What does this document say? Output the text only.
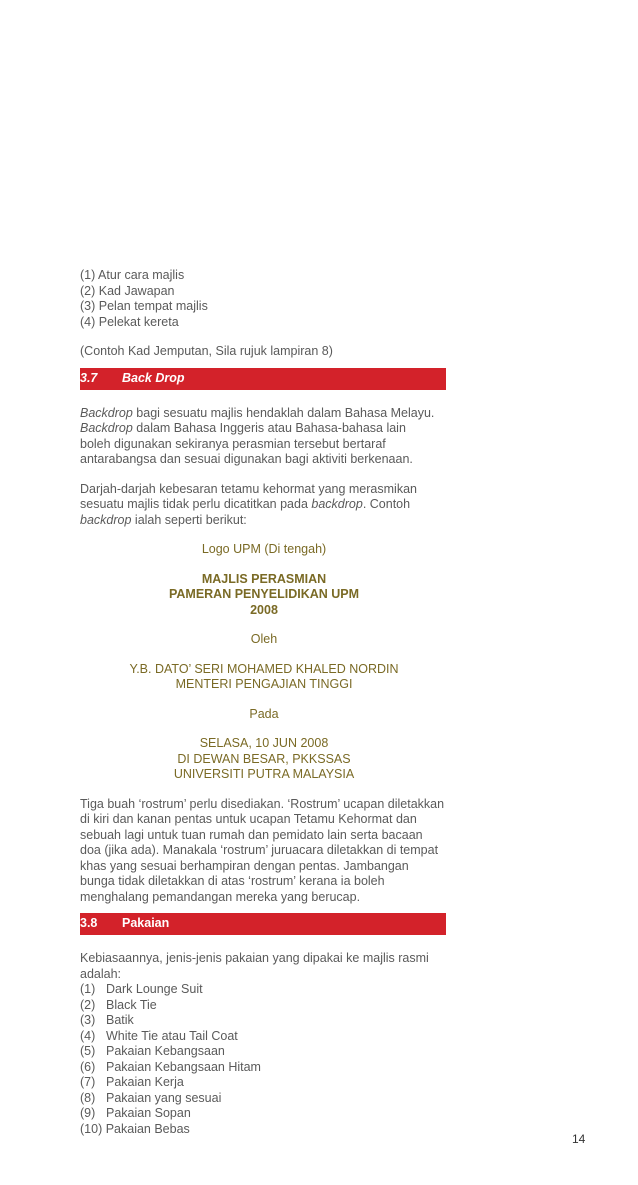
(1) Atur cara majlis
(2) Kad Jawapan
(3) Pelan tempat majlis
(4) Pelekat kereta
(Contoh Kad Jemputan, Sila rujuk lampiran 8)
3.7	Back Drop
Backdrop bagi sesuatu majlis hendaklah dalam Bahasa Melayu.
Backdrop dalam Bahasa Inggeris atau Bahasa-bahasa lain
boleh digunakan sekiranya perasmian tersebut bertaraf
antarabangsa dan sesuai digunakan bagi aktiviti berkenaan.
Darjah-darjah kebesaran tetamu kehormat yang merasmikan
sesuatu majlis tidak perlu dicatitkan pada backdrop. Contoh
backdrop ialah seperti berikut:
Logo UPM (Di tengah)
MAJLIS PERASMIAN
PAMERAN PENYELIDIKAN UPM
2008
Oleh
Y.B. DATO’ SERI MOHAMED KHALED NORDIN
MENTERI PENGAJIAN TINGGI
Pada
SELASA, 10 JUN 2008
DI DEWAN BESAR, PKKSSAS
UNIVERSITI PUTRA MALAYSIA
Tiga buah ‘rostrum’ perlu disediakan. ‘Rostrum’ ucapan diletakkan
di kiri dan kanan pentas untuk ucapan Tetamu Kehormat dan
sebuah lagi untuk tuan rumah dan pemidato lain serta bacaan
doa (jika ada). Manakala ‘rostrum’ juruacara diletakkan di tempat
khas yang sesuai berhampiran dengan pentas. Jambangan
bunga tidak diletakkan di atas ‘rostrum’ kerana ia boleh
menghalang pemandangan mereka yang berucap.
3.8	Pakaian
Kebiasaannya, jenis-jenis pakaian yang dipakai ke majlis rasmi
adalah:
(1) Dark Lounge Suit
(2) Black Tie
(3) Batik
(4) White Tie atau Tail Coat
(5) Pakaian Kebangsaan
(6) Pakaian Kebangsaan Hitam
(7) Pakaian Kerja
(8) Pakaian yang sesuai
(9) Pakaian Sopan
(10) Pakaian Bebas
14
